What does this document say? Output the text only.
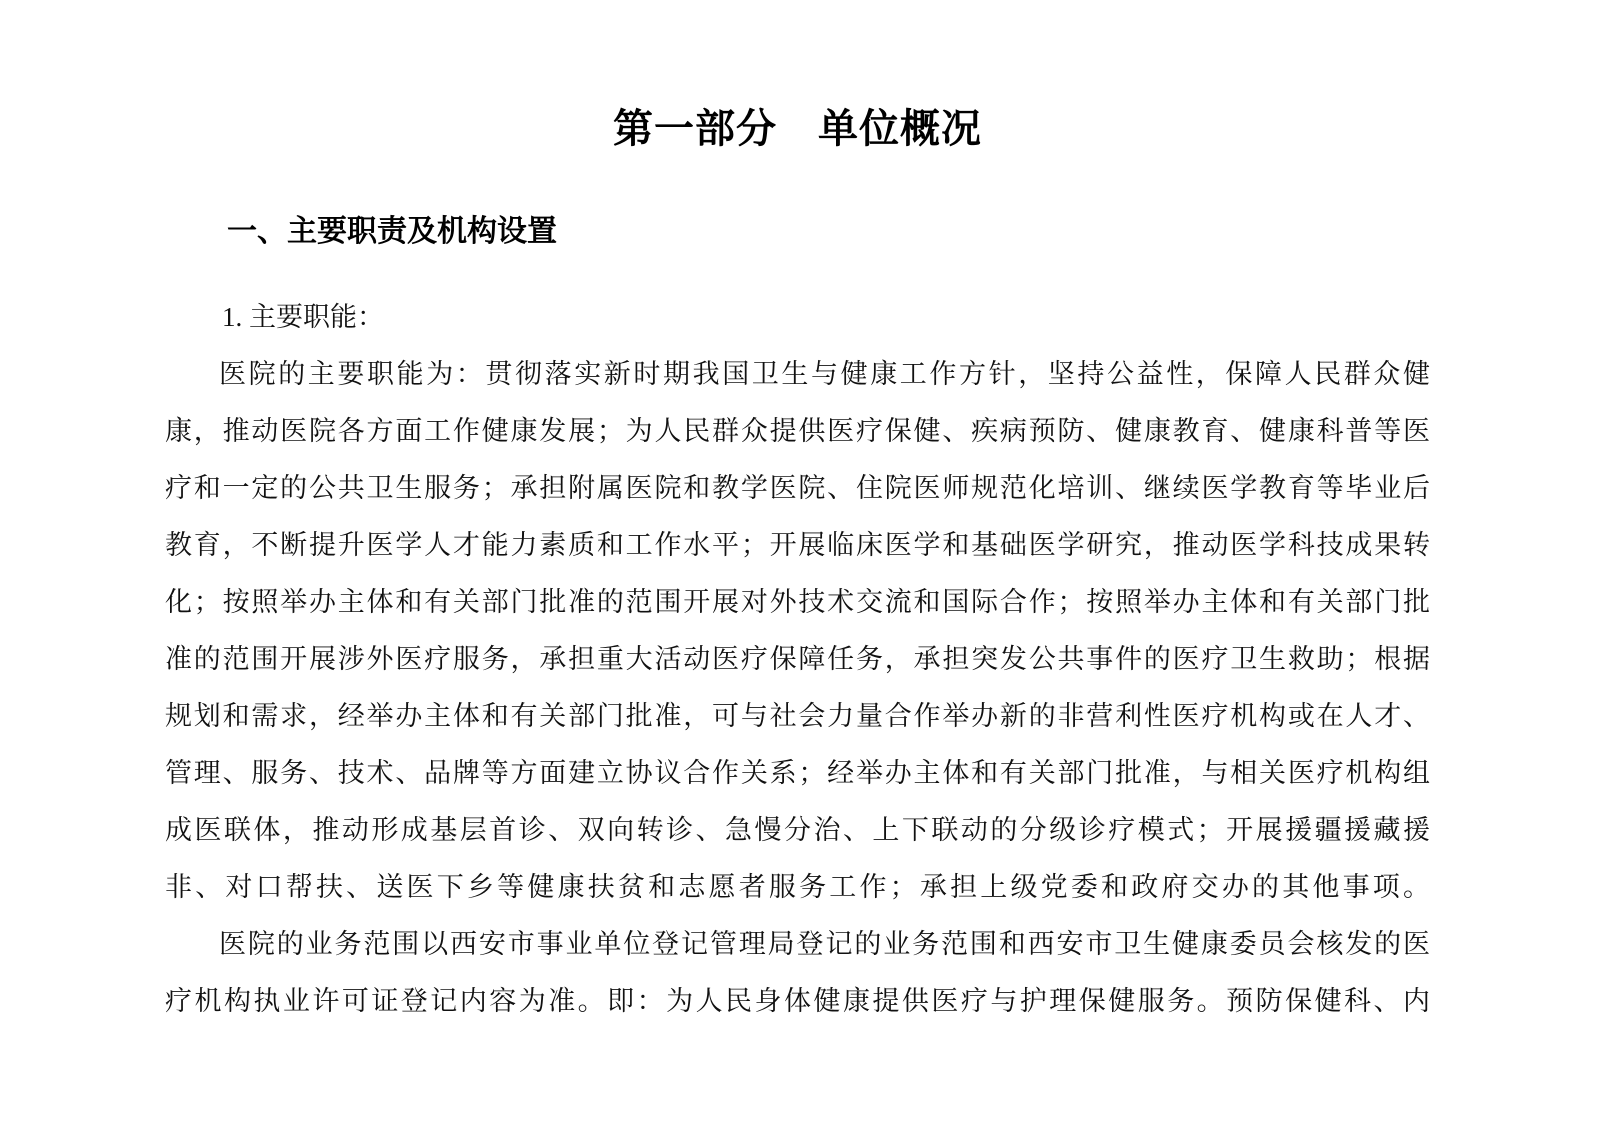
第一部分　单位概况
一、主要职责及机构设置
1. 主要职能：
医院的主要职能为：贯彻落实新时期我国卫生与健康工作方针，坚持公益性，保障人民群众健
康，推动医院各方面工作健康发展；为人民群众提供医疗保健、疾病预防、健康教育、健康科普等医
疗和一定的公共卫生服务；承担附属医院和教学医院、住院医师规范化培训、继续医学教育等毕业后
教育，不断提升医学人才能力素质和工作水平；开展临床医学和基础医学研究，推动医学科技成果转
化；按照举办主体和有关部门批准的范围开展对外技术交流和国际合作；按照举办主体和有关部门批
准的范围开展涉外医疗服务，承担重大活动医疗保障任务，承担突发公共事件的医疗卫生救助；根据
规划和需求，经举办主体和有关部门批准，可与社会力量合作举办新的非营利性医疗机构或在人才、
管理、服务、技术、品牌等方面建立协议合作关系；经举办主体和有关部门批准，与相关医疗机构组
成医联体，推动形成基层首诊、双向转诊、急慢分治、上下联动的分级诊疗模式；开展援疆援藏援
非、对口帮扶、送医下乡等健康扶贫和志愿者服务工作；承担上级党委和政府交办的其他事项。
医院的业务范围以西安市事业单位登记管理局登记的业务范围和西安市卫生健康委员会核发的医
疗机构执业许可证登记内容为准。即：为人民身体健康提供医疗与护理保健服务。预防保健科、内
